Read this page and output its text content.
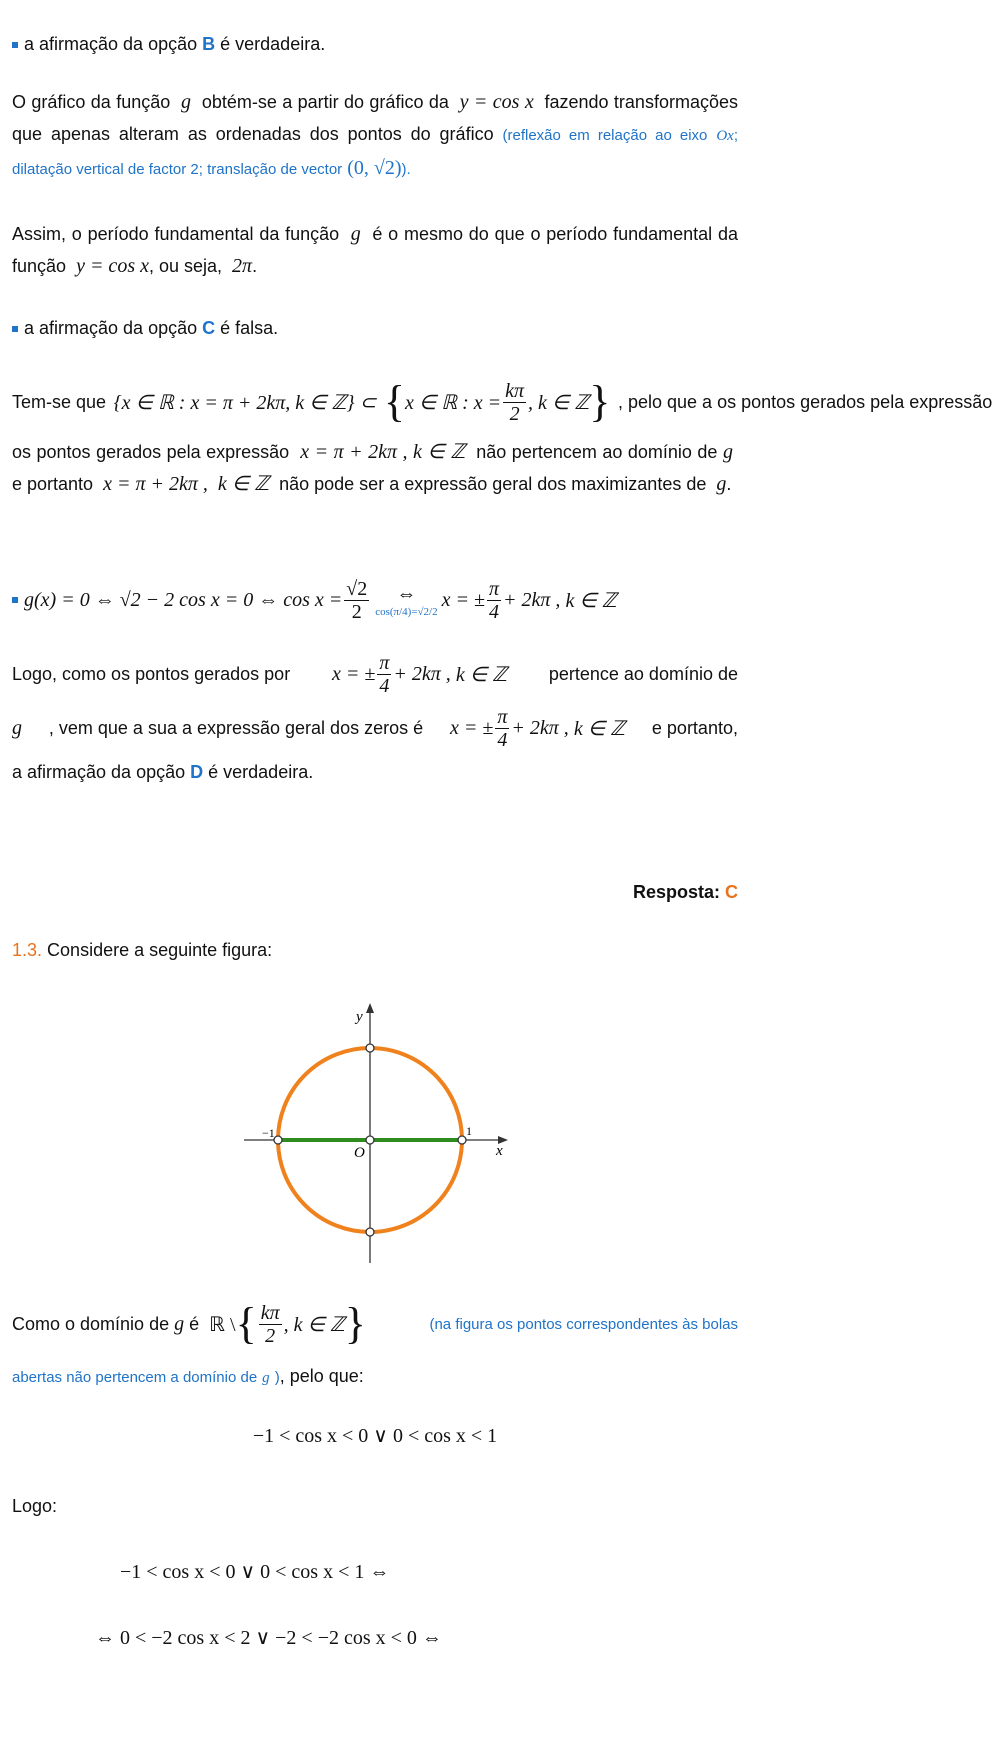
a afirmação da opção B é verdadeira.

O gráfico da função g obtém-se a partir do gráfico da y = cos x fazendo transformações que apenas alteram as ordenadas dos pontos do gráfico (reflexão em relação ao eixo Ox; dilatação vertical de factor 2; translação de vector (0, √2)).

Assim, o período fundamental da função g é o mesmo do que o período fundamental da função y = cos x, ou seja, 2π.

a afirmação da opção C é falsa.

Tem-se que {x ∈ ℝ : x = π + 2kπ, k ∈ ℤ} ⊂ { x ∈ ℝ : $x = \frac{k\pi}{2}$ , k ∈ ℤ } , pelo que a os pontos gerados pela expressão

os pontos gerados pela expressão x = π + 2kπ , k ∈ ℤ não pertencem ao domínio de g  e portanto x = π + 2kπ , k ∈ ℤ não pode ser a expressão geral dos maximizantes de g.

g(x) = 0 ⇔ √2 − 2 cos x = 0 ⇔ $\cos x = \frac{√2}{2}$ ⇔
cos(π/4)=√2/2
x = ± $\frac{\pi}{4} + 2k\pi$ ,
k ∈ ℤ
Logo, como os pontos gerados por x = ± $\frac{\pi}{4} + 2k\pi$ ,
k ∈ ℤ pertence ao domínio de
g , vem que a sua a expressão geral dos zeros é x = ± $\frac{\pi}{4} + 2k\pi$ ,
k ∈ ℤ e portanto,

a afirmação da opção D é verdadeira.

Resposta: C

1.3. Considere a seguinte figura:

y
x
O
1
−1
Como o domínio de
g
é
ℝ \ { $\frac{k\pi}{2}$ , k ∈ ℤ }	(na figura os pontos correspondentes às bolas

abertas não pertencem a domínio de g ), pelo que:

−1 < cos x < 0 ∨ 0 < cos x < 1

Logo:

−1 < cos x < 0 ∨ 0 < cos x < 1 ⇔

⇔ 0 < −2 cos x < 2 ∨ −2 < −2 cos x < 0 ⇔
